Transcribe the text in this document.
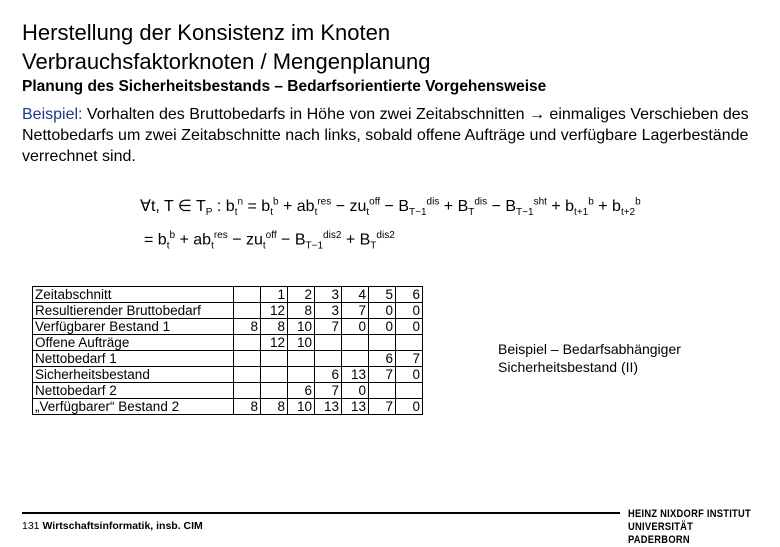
Herstellung der Konsistenz im Knoten
Verbrauchsfaktorknoten / Mengenplanung
Planung des Sicherheitsbestands – Bedarfsorientierte Vorgehensweise
Beispiel: Vorhalten des Bruttobedarfs in Höhe von zwei Zeitabschnitten → einmaliges Verschieben des Nettobedarfs um zwei Zeitabschnitte nach links, sobald offene Aufträge und verfügbare Lagerbestände verrechnet sind.
∀t, T ∈ $T_P$ : $b_t^n = b_t^b + ab_t^{res} - zu_t^{off} - B_{T-1}^{dis} + B_T^{dis} - B_{T-1}^{sht} + b_{t+1}^b + b_{t+2}^b$
= $b_t^b + ab_t^{res} - zu_t^{off} - B_{T-1}^{dis2} + B_T^{dis2}$
Zeitabschnitt		1	2	3	4	5	6
Resultierender Bruttobedarf		12	8	3	7	0	0
Verfügbarer Bestand 1	8	8	10	7	0	0	0
Offene Aufträge		12	10				
Nettobedarf 1						6	7
Sicherheitsbestand				6	13	7	0
Nettobedarf 2			6	7	0		
„Verfügbarer“ Bestand 2	8	8	10	13	13	7	0
Beispiel – Bedarfsabhängiger
Sicherheitsbestand (II)
131 Wirtschaftsinformatik, insb. CIM
HEINZ NIXDORF INSTITUT
UNIVERSITÄT PADERBORN
